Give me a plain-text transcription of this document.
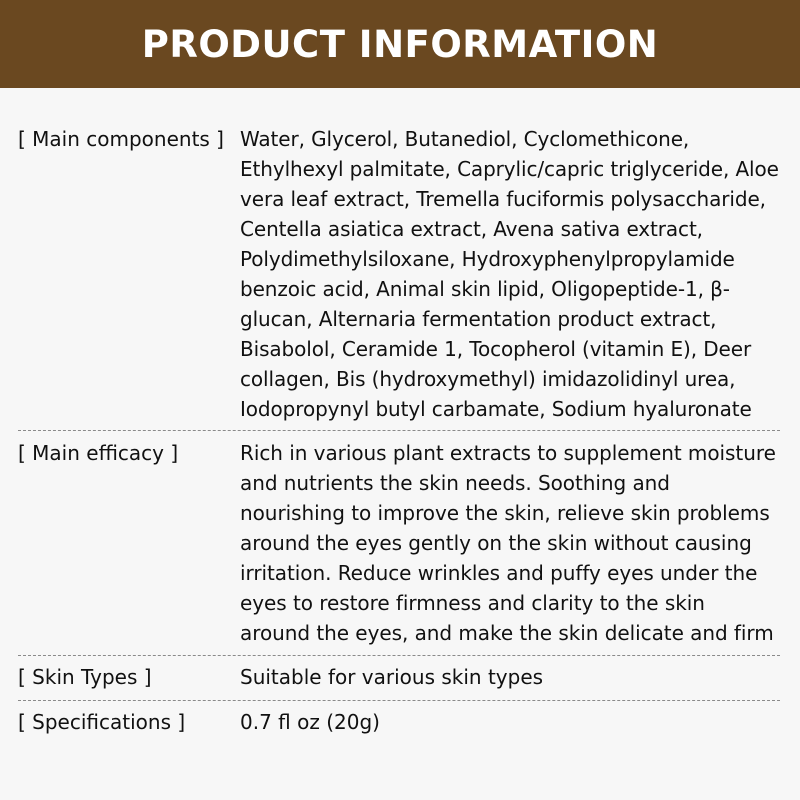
PRODUCT INFORMATION
[ Main components ] Water, Glycerol, Butanediol, Cyclomethicone, Ethylhexyl palmitate, Caprylic/capric triglyceride, Aloe vera leaf extract, Tremella fuciformis polysaccharide, Centella asiatica extract, Avena sativa extract, Polydimethylsiloxane, Hydroxyphenylpropylamide benzoic acid, Animal skin lipid, Oligopeptide-1, β-glucan, Alternaria fermentation product extract, Bisabolol, Ceramide 1, Tocopherol (vitamin E), Deer collagen, Bis (hydroxymethyl) imidazolidinyl urea, Iodopropynyl butyl carbamate, Sodium hyaluronate
[ Main efficacy ]	Rich in various plant extracts to supplement moisture and nutrients the skin needs. Soothing and nourishing to improve the skin, relieve skin problems around the eyes gently on the skin without causing irritation. Reduce wrinkles and puffy eyes under the eyes to restore firmness and clarity to the skin around the eyes, and make the skin delicate and firm
[ Skin Types ]	Suitable for various skin types
[ Specifications ]	0.7 fl oz (20g)
